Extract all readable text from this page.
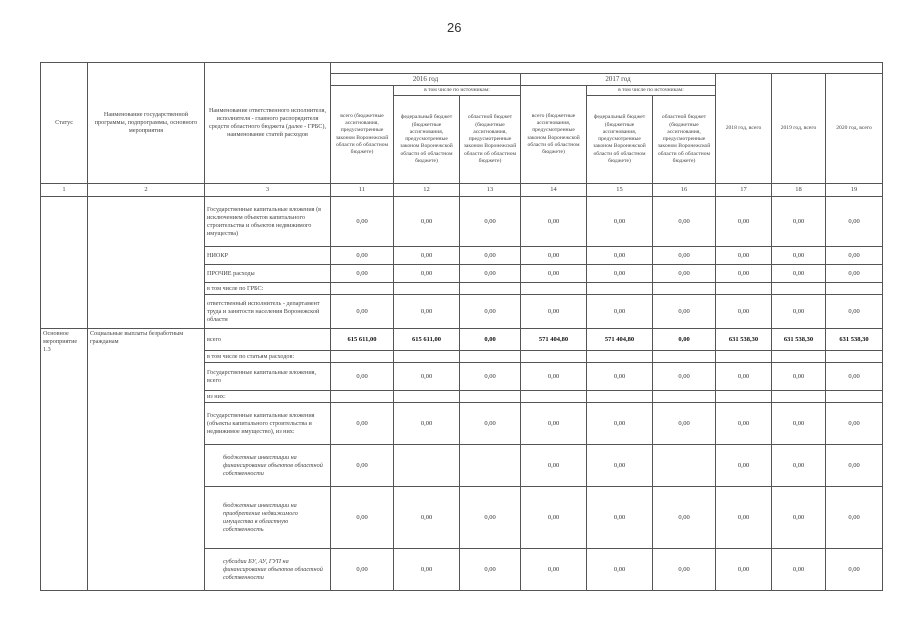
26
Статус	Наименование государственной программы, подпрограммы, основного мероприятия	Наименование ответственного исполнителя, исполнителя - главного распорядителя средств областного бюджета (далее - ГРБС), наименование статей расходов									
			2016 год			2017 год			2018 год, всего	2019 год, всего	2020 год, всего
			всего (бюджетные ассигнования, предусмотренные законом Воронежской области об областном бюджете)	в том числе по источникам:		всего (бюджетные ассигнования, предусмотренные законом Воронежской области об областном бюджете)	в том числе по источникам:				
				федеральный бюджет (бюджетные ассигнования, предусмотренные законом Воронежской области об областном бюджете)	областной бюджет (бюджетные ассигнования, предусмотренные законом Воронежской области об областном бюджете)		федеральный бюджет (бюджетные ассигнования, предусмотренные законом Воронежской области об областном бюджете)	областной бюджет (бюджетные ассигнования, предусмотренные законом Воронежской области об областном бюджете)			
1	2	3	11	12	13	14	15	16	17	18	19
		Государственные капитальные вложения (в исключением объектов капитального строительства и объектов недвижимого имущества)	0,00	0,00	0,00	0,00	0,00	0,00	0,00	0,00	0,00
		НИОКР	0,00	0,00	0,00	0,00	0,00	0,00	0,00	0,00	0,00
		ПРОЧИЕ расходы	0,00	0,00	0,00	0,00	0,00	0,00	0,00	0,00	0,00
		в том числе по ГРБС:									
		ответственный исполнитель - департамент труда и занятости населения Воронежской области	0,00	0,00	0,00	0,00	0,00	0,00	0,00	0,00	0,00
Основное мероприятие 1.3	Социальные выплаты безработным гражданам	всего	615 611,00	615 611,00	0,00	571 404,80	571 404,80	0,00	631 538,30	631 538,30	631 538,30
		в том числе по статьям расходов:									
		Государственные капитальные вложения, всего	0,00	0,00	0,00	0,00	0,00	0,00	0,00	0,00	0,00
		из них:									
		Государственные капитальные вложения (объекты капитального строительства и недвижимое имущество), из них:	0,00	0,00	0,00	0,00	0,00	0,00	0,00	0,00	0,00
		бюджетные инвестиции на финансирование объектов областной собственности	0,00			0,00	0,00		0,00	0,00	0,00
		бюджетные инвестиции на приобретение недвижимого имущества в областную собственность	0,00	0,00	0,00	0,00	0,00	0,00	0,00	0,00	0,00
		субсидии БУ, АУ, ГУП на финансирование объектов областной собственности	0,00	0,00	0,00	0,00	0,00	0,00	0,00	0,00	0,00
